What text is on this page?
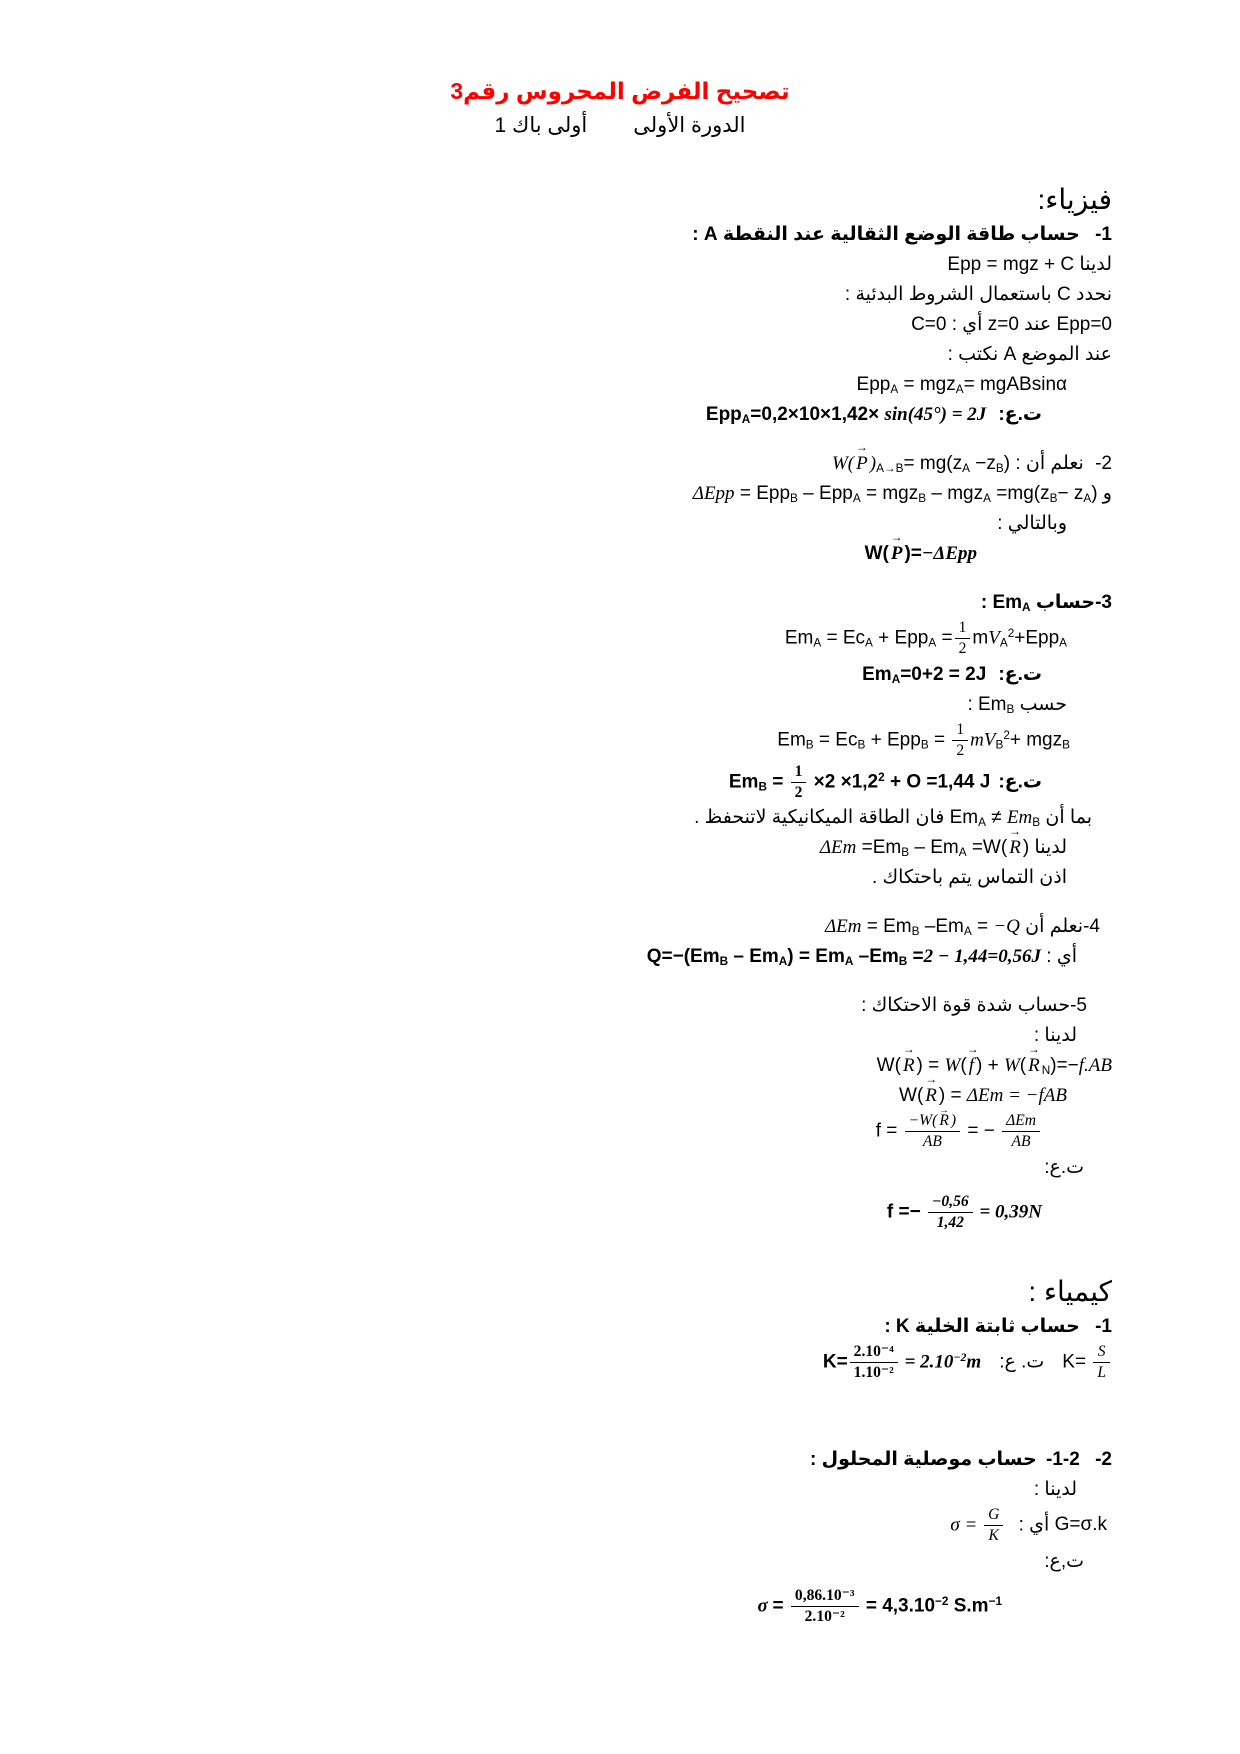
تصحيح الفرض المحروس رقم3
الدورة الأولىأولى باك 1
فيزياء:
1- حساب طاقة الوضع الثقالية عند النقطة A :
لدينا Epp = mgz + C
نحدد C باستعمال الشروط البدئية :
Epp=0 عند z=0 أي : C=0
عند الموضع A نكتب :
Epp$_A$ = mgz$_A$= mgABsinα
ت.ع:Epp$_A$=0,2×10×1,42× sin(45°) = 2J
2- نعلم أن : W( $P \to )_{A\to B}= mg(z_A -z_B)$
و $\Delta Epp = Epp_B - Epp_A = mgz_B - mgz_A =mg(z_B- z_A)$
وبالتالي :
W( P → )=−ΔEpp
3-حساب $Em_A$ :
$Em_A = Ec_A + Epp_A = \frac{1}{2} mV_A^2+Epp_A$
$ت.ع:Em_A=0+2 = 2J$
حسب $Em_B$ :
$Em_B = Ec_B + Epp_B = \frac{1}{2} mV_B^2+ mgz_B$
$ت.ع:Em_B = \frac{1}{2} \times 2 \times 1,2^2 + O =1,44$ J
بما أن $Em_A \ne Em_B$ فان الطاقة الميكانيكية لاتنحفظ .
لدينا $\Delta Em =Em_B - Em_A =W$( R → )
اذن التماس يتم باحتكاك .
4-نعلم أن $\Delta Em = Em_B$ $-Em_A = -Q$
أي : $Q=-(Em_B - Em_A) = Em_A$ $-Em_B =2 - 1,44=0,56J$
5-حساب شدة قوة الاحتكاك :
لدينا :
W( R → ) = W( f → ) + W( R → $_N$)=−f.AB
W( R → ) = ΔEm = −fAB
$f = \frac{-W( R \to )}{AB}$ = − $\frac{\text{ΔEm}}{AB}$
ت.ع:
$f =- \frac{-0,56}{1,42} = 0,39N$
كيمياء :
1- حساب ثابتة الخلية K :
$K= \frac{S}{L}$
ت. ع:K= $\frac{\text{2.10⁻⁴}}{\text{1.10⁻²}} = 2.10^{-2}m$
2- 1-2- حساب موصلية المحلول :
لدينا :
G=σ.k أي : $\sigma = \frac{G}{K}$
ت,ع:
$\sigma = \frac{\text{0,86.10⁻³}}{\text{2.10⁻²}} = 4,3.10^{-2}$ $S.m^{-1}$
